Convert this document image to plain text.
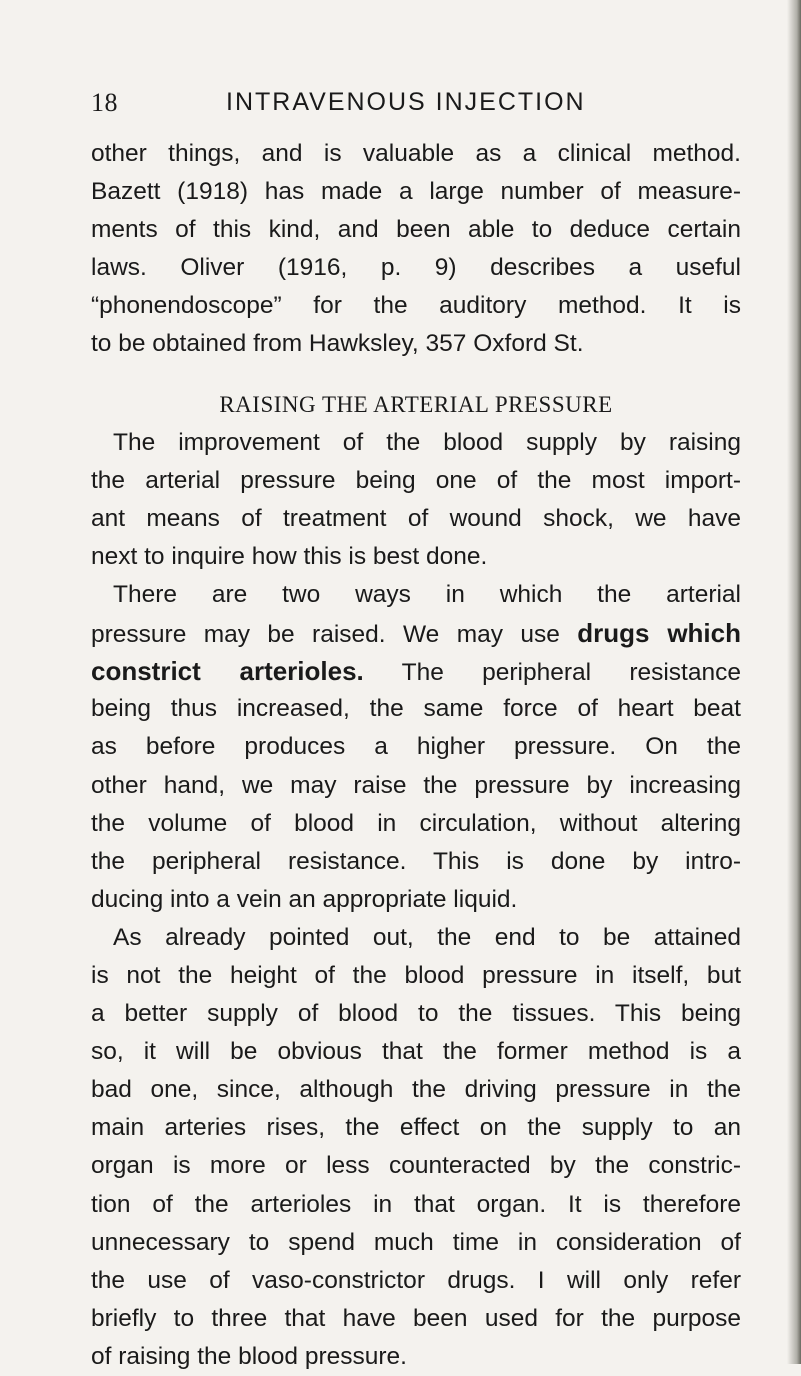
18	INTRAVENOUS INJECTION
other things, and is valuable as a clinical method.
Bazett (1918) has made a large number of measure-
ments of this kind, and been able to deduce certain
laws. Oliver (1916, p. 9) describes a useful
“phonendoscope” for the auditory method. It is
to be obtained from Hawksley, 357 Oxford St.
RAISING THE ARTERIAL PRESSURE
The improvement of the blood supply by raising
the arterial pressure being one of the most import-
ant means of treatment of wound shock, we have
next to inquire how this is best done.
There are two ways in which the arterial
pressure may be raised. We may use drugs which
constrict arterioles. The peripheral resistance
being thus increased, the same force of heart beat
as before produces a higher pressure. On the
other hand, we may raise the pressure by increasing
the volume of blood in circulation, without altering
the peripheral resistance. This is done by intro-
ducing into a vein an appropriate liquid.
As already pointed out, the end to be attained
is not the height of the blood pressure in itself, but
a better supply of blood to the tissues. This being
so, it will be obvious that the former method is a
bad one, since, although the driving pressure in the
main arteries rises, the effect on the supply to an
organ is more or less counteracted by the constric-
tion of the arterioles in that organ. It is therefore
unnecessary to spend much time in consideration of
the use of vaso-constrictor drugs. I will only refer
briefly to three that have been used for the purpose
of raising the blood pressure.
